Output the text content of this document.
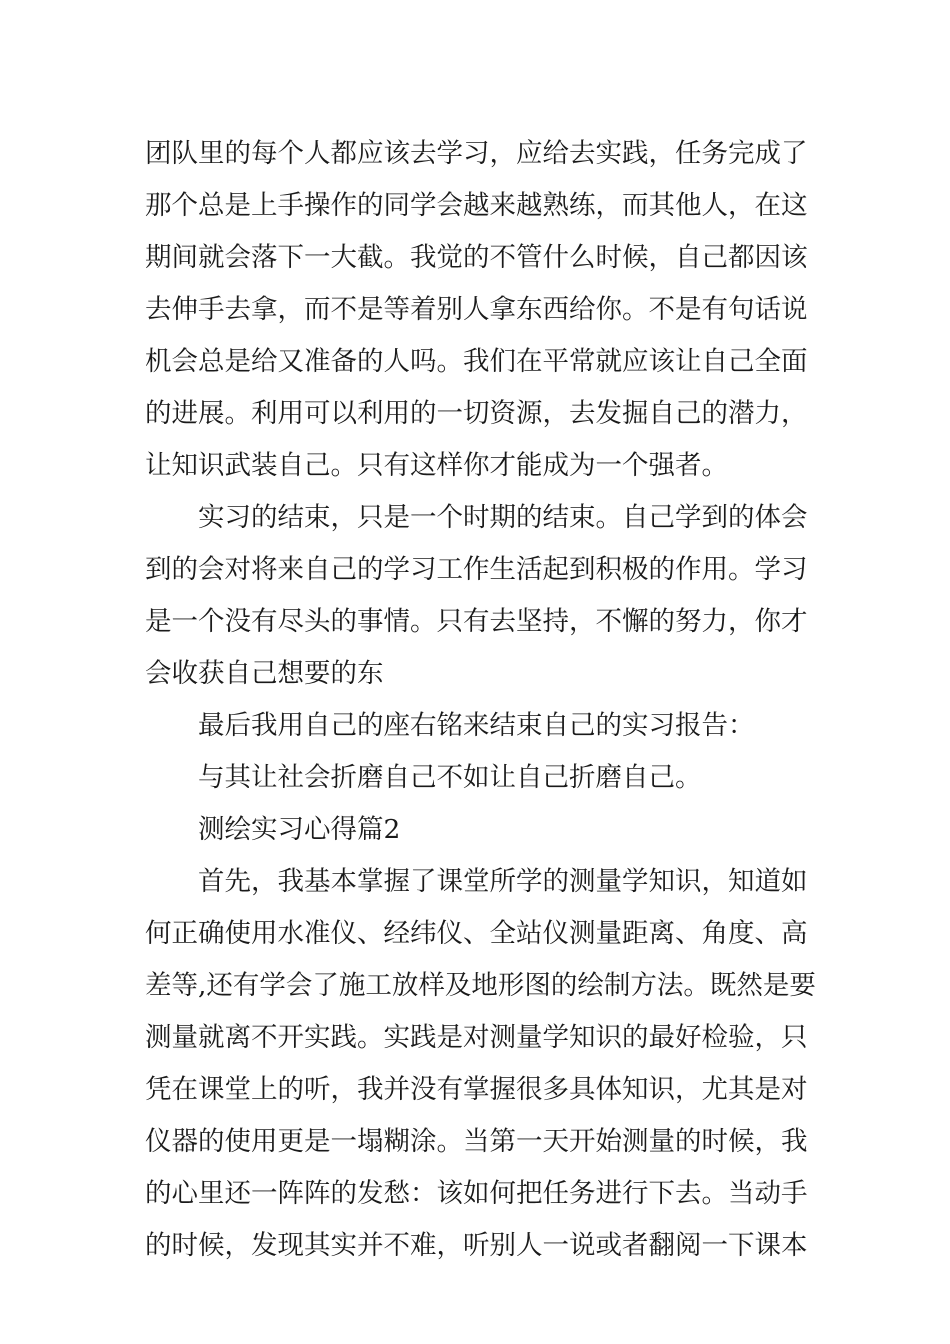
团队里的每个人都应该去学习，应给去实践，任务完成了
那个总是上手操作的同学会越来越熟练，而其他人，在这
期间就会落下一大截。我觉的不管什么时候，自己都因该
去伸手去拿，而不是等着别人拿东西给你。不是有句话说
机会总是给又准备的人吗。我们在平常就应该让自己全面
的进展。利用可以利用的一切资源，去发掘自己的潜力，
让知识武装自己。只有这样你才能成为一个强者。
实习的结束，只是一个时期的结束。自己学到的体会
到的会对将来自己的学习工作生活起到积极的作用。学习
是一个没有尽头的事情。只有去坚持，不懈的努力，你才
会收获自己想要的东
最后我用自己的座右铭来结束自己的实习报告：
与其让社会折磨自己不如让自己折磨自己。
测绘实习心得篇2
首先，我基本掌握了课堂所学的测量学知识，知道如
何正确使用水准仪、经纬仪、全站仪测量距离、角度、高
差等,还有学会了施工放样及地形图的绘制方法。既然是要
测量就离不开实践。实践是对测量学知识的最好检验，只
凭在课堂上的听，我并没有掌握很多具体知识，尤其是对
仪器的使用更是一塌糊涂。当第一天开始测量的时候，我
的心里还一阵阵的发愁：该如何把任务进行下去。当动手
的时候，发现其实并不难，听别人一说或者翻阅一下课本
